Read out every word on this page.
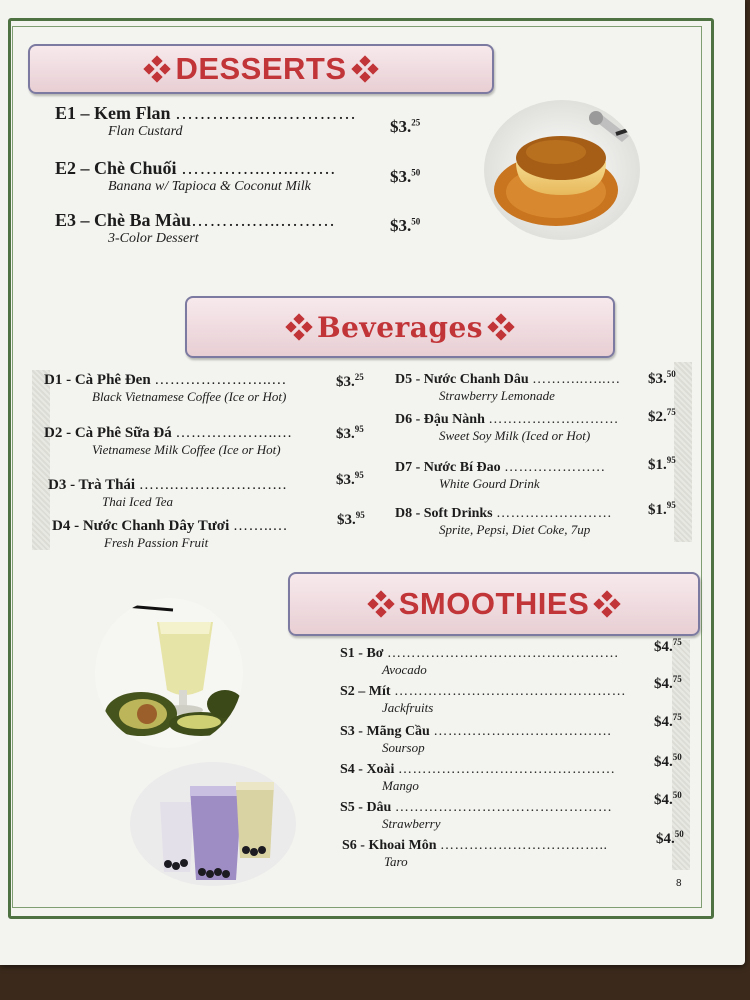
DESSERTS
E1 – Kem Flan ………….…..…………
Flan Custard	$3.25
E2 – Chè Chuối …………..…..…….
Banana w/ Tapioca & Coconut Milk
$3.50
E3 – Chè Ba Màu……….…..………
3-Color Dessert
$3.50
Beverages
D1 - Cà Phê Đen …………………..…
Black Vietnamese Coffee (Ice or Hot)
$3.25
D2 - Cà Phê Sữa Đá ………………..…
Vietnamese Milk Coffee (Ice or Hot)
$3.95
D3 - Trà Thái …….………………….
Thai Iced Tea
$3.95
D4 - Nước Chanh Dây Tươi ……..…
Fresh Passion Fruit
$3.95
D5 - Nước Chanh Dâu ………..…..…
Strawberry Lemonade
$3.50
D6 - Đậu Nành ………………………
Sweet Soy Milk (Iced or Hot)
$2.75
D7 - Nước Bí Đao …………………
White Gourd Drink
$1.95
D8 - Soft Drinks ……………………
Sprite, Pepsi, Diet Coke, 7up
$1.95
SMOOTHIES
S1 - Bơ …………………………………………
Avocado
$4.75
S2 – Mít …………………………………………
Jackfruits
$4.75
S3 - Mãng Cầu ……………………………….
Soursop
$4.75
S4 - Xoài ………………………………………
Mango
$4.50
S5 - Dâu ………………………………………
Strawberry
$4.50
S6 - Khoai Môn ……………………………..
Taro
$4.50
8
